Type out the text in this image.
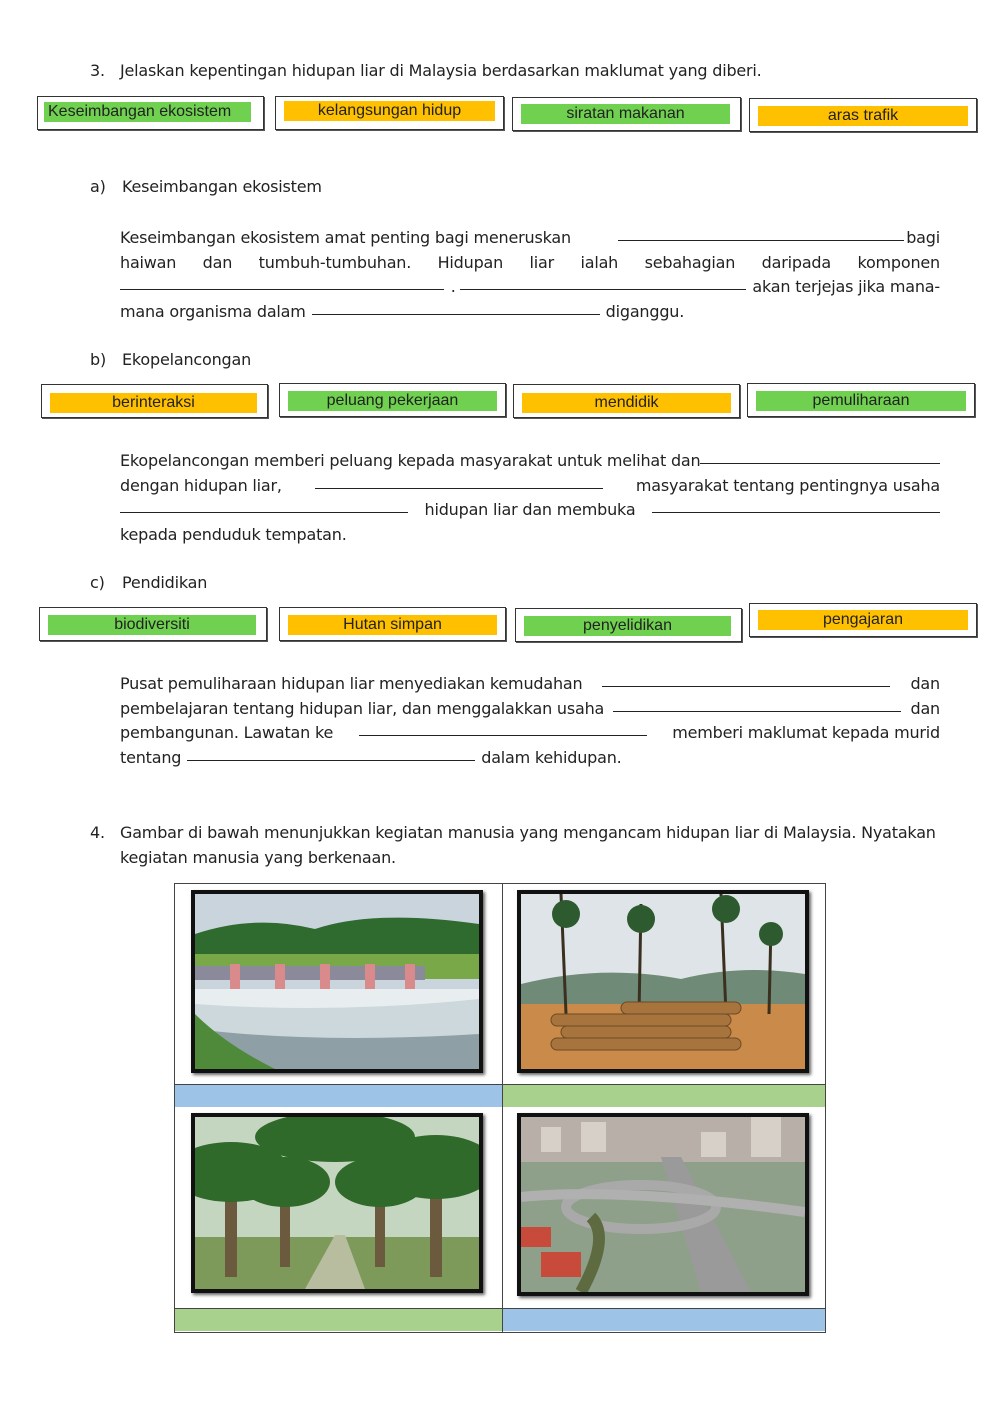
3. Jelaskan kepentingan hidupan liar di Malaysia berdasarkan maklumat yang diberi.
Keseimbangan ekosistem	kelangsungan hidup	siratan makanan	aras trafik
a) Keseimbangan ekosistem
Keseimbangan ekosistem amat penting bagi meneruskan	bagi
haiwan dan tumbuh-tumbuhan. Hidupan liar ialah sebahagian daripada komponen
.	akan terjejas jika mana-
mana organisma dalam	diganggu.
b) Ekopelancongan
berinteraksi	peluang pekerjaan	mendidik	pemuliharaan
Ekopelancongan memberi peluang kepada masyarakat untuk melihat dan
dengan hidupan liar,	masyarakat tentang pentingnya usaha
hidupan liar dan membuka
kepada penduduk tempatan.
c) Pendidikan
biodiversiti	Hutan simpan	penyelidikan	pengajaran
Pusat pemuliharaan hidupan liar menyediakan kemudahan	dan
pembelajaran tentang hidupan liar, dan menggalakkan usaha	dan
pembangunan. Lawatan ke	memberi maklumat kepada murid
tentang	dalam kehidupan.
4. Gambar di bawah menunjukkan kegiatan manusia yang mengancam hidupan liar di Malaysia. Nyatakan
kegiatan manusia yang berkenaan.
